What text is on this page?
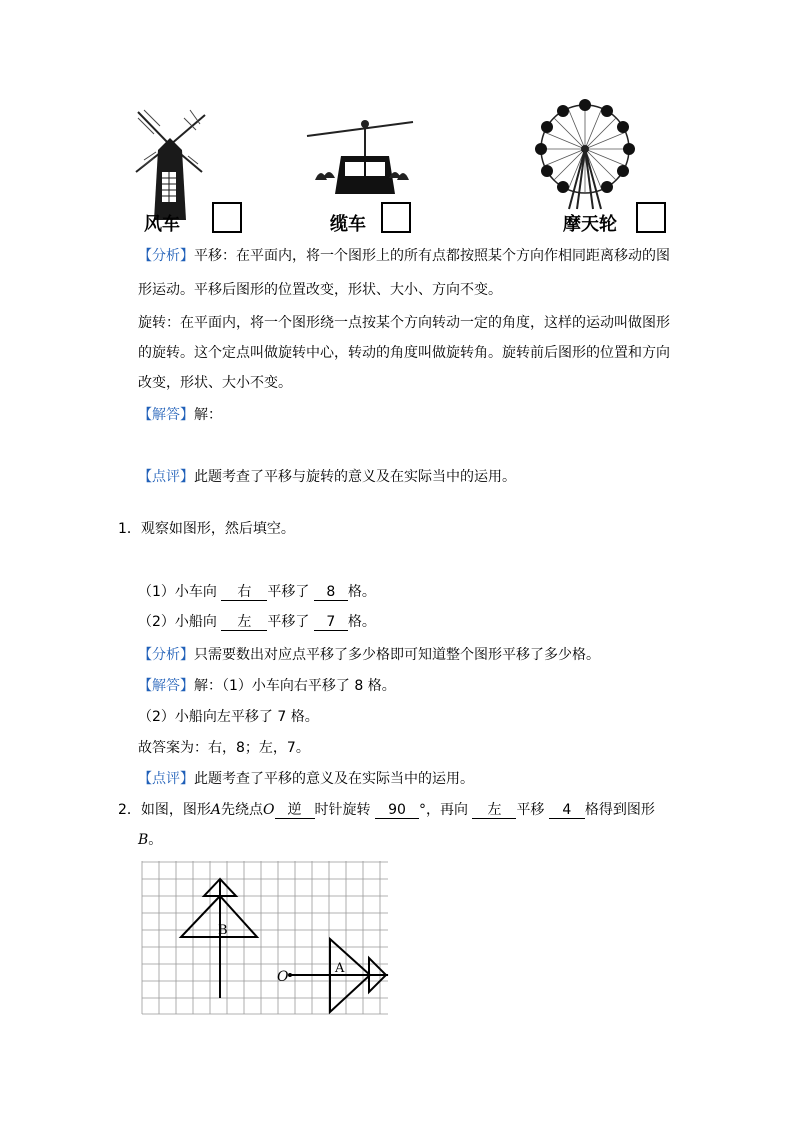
风车	缆车	摩天轮
【分析】平移：在平面内，将一个图形上的所有点都按照某个方向作相同距离移动的图
形运动。平移后图形的位置改变，形状、大小、方向不变。
旋转：在平面内，将一个图形绕一点按某个方向转动一定的角度，这样的运动叫做图形
的旋转。这个定点叫做旋转中心，转动的角度叫做旋转角。旋转前后图形的位置和方向
改变，形状、大小不变。
【解答】解：
【点评】此题考查了平移与旋转的意义及在实际当中的运用。
1．观察如图形，然后填空。
（1）小车向 右 平移了 8 格。
（2）小船向 左 平移了 7 格。
【分析】只需要数出对应点平移了多少格即可知道整个图形平移了多少格。
【解答】解：（1）小车向右平移了 8 格。
（2）小船向左平移了 7 格。
故答案为：右，8；左，7。
【点评】此题考查了平移的意义及在实际当中的运用。
2．如图，图形A先绕点O 逆 时针旋转 90 °，再向 左 平移 4 格得到图形
B。
B
A
O
